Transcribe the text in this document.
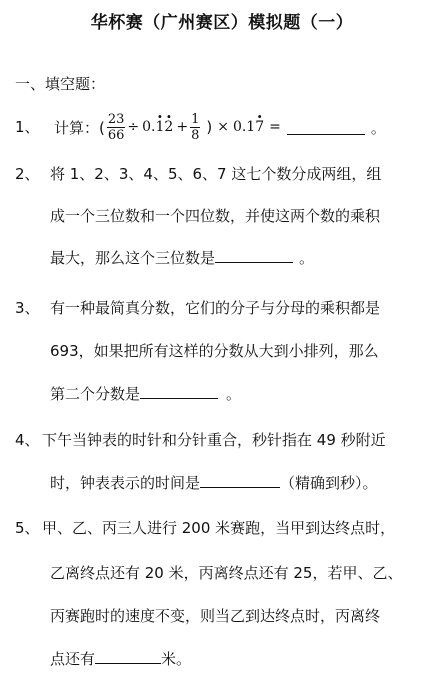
华杯赛（广州赛区）模拟题（一）
一、填空题：
1、 计算：( $\frac{23}{66} \div 0.\cdot 1\cdot 2 + \frac{1}{8}$ ) × 0.1· 7 =	。
2、 将 1、2、3、4、5、6、7 这七个数分成两组，组
成一个三位数和一个四位数，并使这两个数的乘积
最大，那么这个三位数是	。
3、 有一种最简真分数，它们的分子与分母的乘积都是
693，如果把所有这样的分数从大到小排列，那么
第二个分数是	。
4、 下午当钟表的时针和分针重合，秒针指在 49 秒附近
时，钟表表示的时间是	（精确到秒）。
5、 甲、乙、丙三人进行 200 米赛跑，当甲到达终点时，
乙离终点还有 20 米，丙离终点还有 25，若甲、乙、
丙赛跑时的速度不变，则当乙到达终点时，丙离终
点还有	米。
